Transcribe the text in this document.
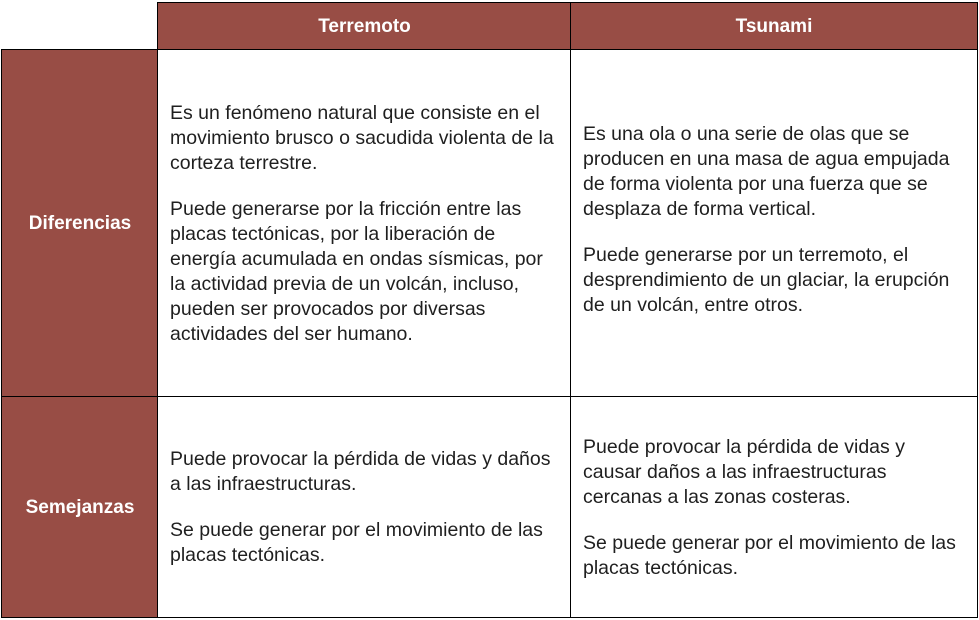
Terremoto	Tsunami
Diferencias

Es un fenómeno natural que consiste en el movimiento brusco o sacudida violenta de la corteza terrestre.

Puede generarse por la fricción entre las placas tectónicas, por la liberación de energía acumulada en ondas sísmicas, por la actividad previa de un volcán, incluso, pueden ser provocados por diversas actividades del ser humano.

Es una ola o una serie de olas que se producen en una masa de agua empujada de forma violenta por una fuerza que se desplaza de forma vertical.

Puede generarse por un terremoto, el desprendimiento de un glaciar, la erupción de un volcán, entre otros.

Semejanzas

Puede provocar la pérdida de vidas y daños a las infraestructuras.

Se puede generar por el movimiento de las placas tectónicas.

Puede provocar la pérdida de vidas y causar daños a las infraestructuras cercanas a las zonas costeras.

Se puede generar por el movimiento de las placas tectónicas.
